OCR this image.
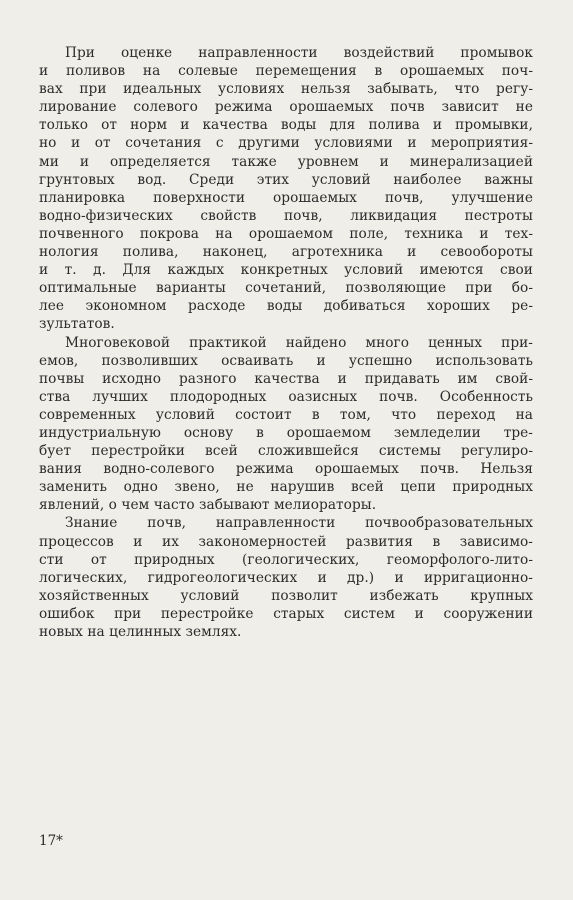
При оценке направленности воздействий промывок
и поливов на солевые перемещения в орошаемых поч-
вах при идеальных условиях нельзя забывать, что регу-
лирование солевого режима орошаемых почв зависит не
только от норм и качества воды для полива и промывки,
но и от сочетания с другими условиями и мероприятия-
ми и определяется также уровнем и минерализацией
грунтовых вод. Среди этих условий наиболее важны
планировка поверхности орошаемых почв, улучшение
водно-физических свойств почв, ликвидация пестроты
почвенного покрова на орошаемом поле, техника и тех-
нология полива, наконец, агротехника и севообороты
и т. д. Для каждых конкретных условий имеются свои
оптимальные варианты сочетаний, позволяющие при бо-
лее экономном расходе воды добиваться хороших ре-
зультатов.

Многовековой практикой найдено много ценных при-
емов, позволивших осваивать и успешно использовать
почвы исходно разного качества и придавать им свой-
ства лучших плодородных оазисных почв. Особенность
современных условий состоит в том, что переход на
индустриальную основу в орошаемом земледелии тре-
бует перестройки всей сложившейся системы регулиро-
вания водно-солевого режима орошаемых почв. Нельзя
заменить одно звено, не нарушив всей цепи природных
явлений, о чем часто забывают мелиораторы.

Знание почв, направленности почвообразовательных
процессов и их закономерностей развития в зависимо-
сти от природных (геологических, геоморфолого-лито-
логических, гидрогеологических и др.) и ирригационно-
хозяйственных условий позволит избежать крупных
ошибок при перестройке старых систем и сооружении
новых на целинных землях.

17*
